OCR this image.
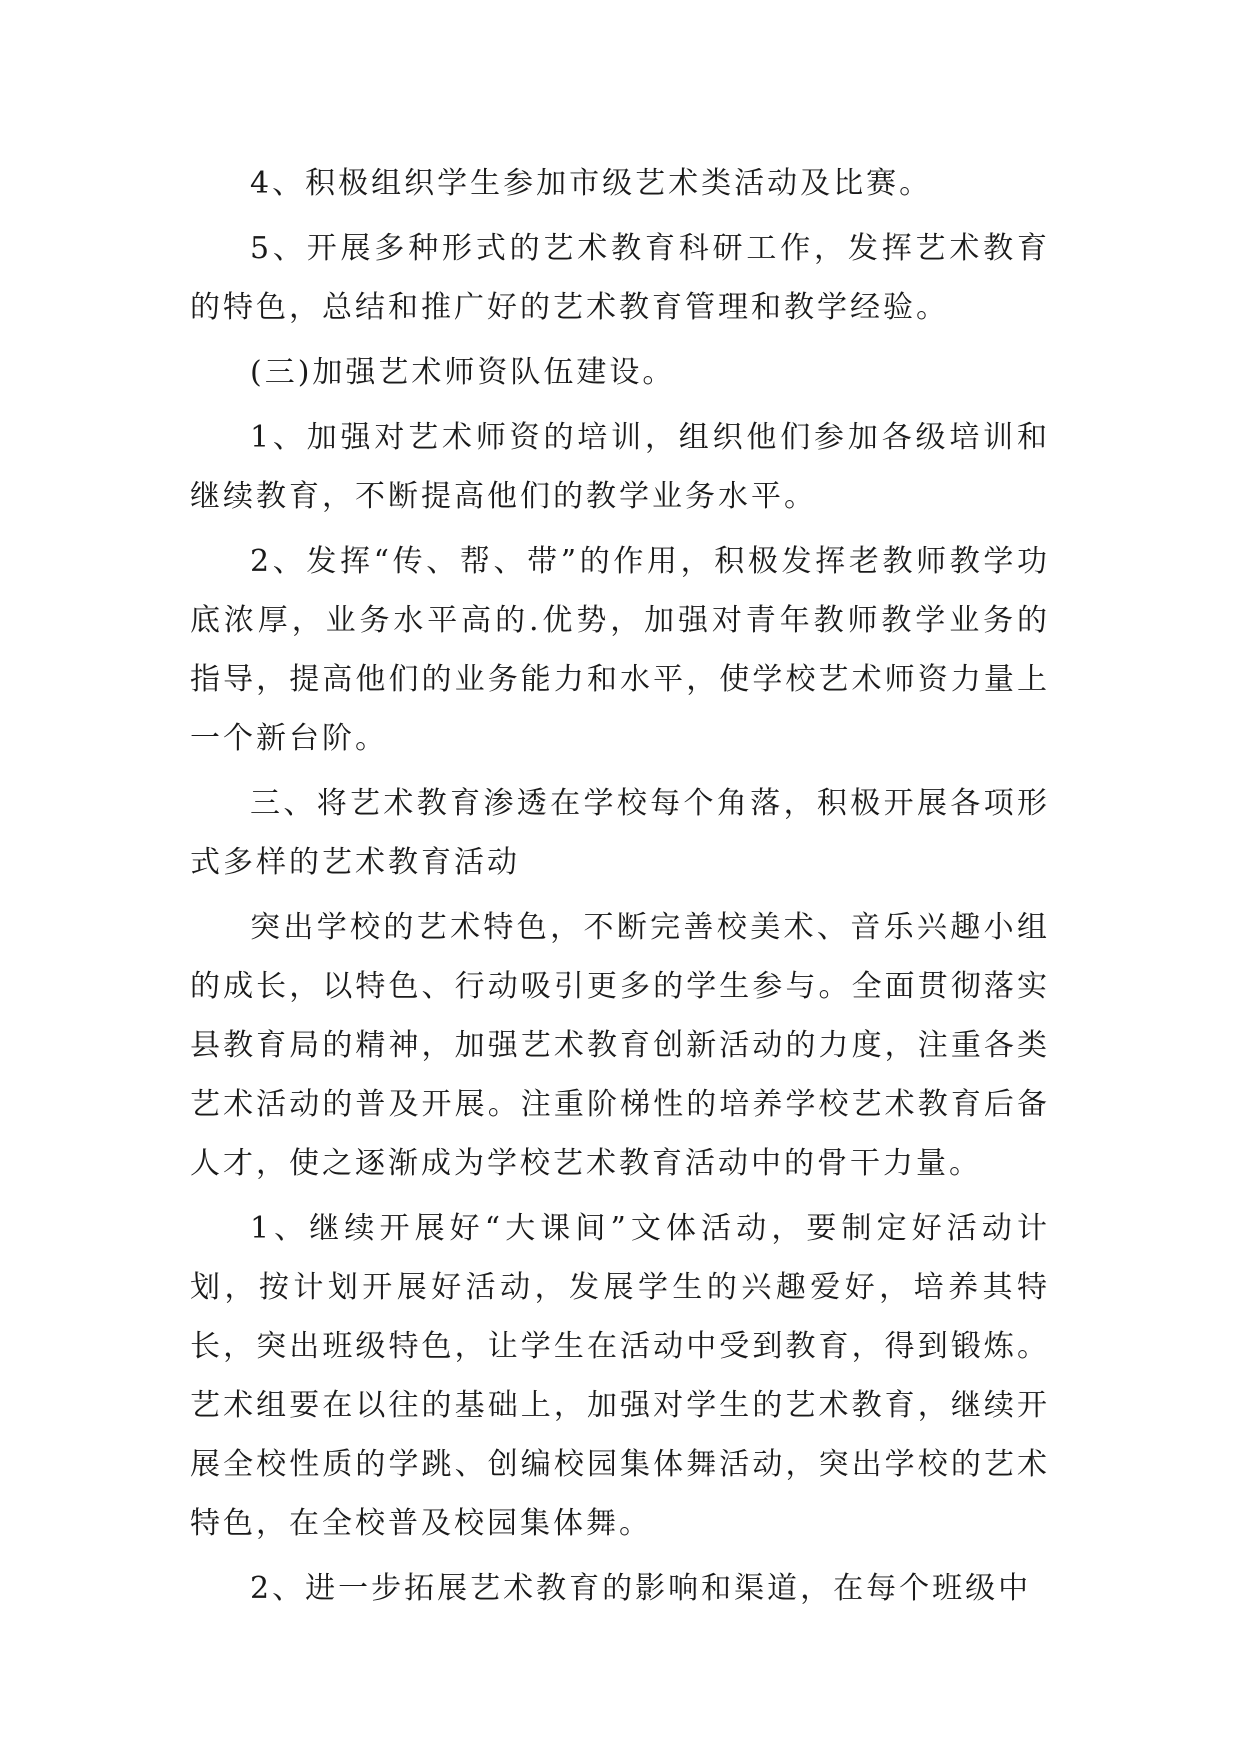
4、积极组织学生参加市级艺术类活动及比赛。

5、开展多种形式的艺术教育科研工作，发挥艺术教育的特色，总结和推广好的艺术教育管理和教学经验。

(三)加强艺术师资队伍建设。

1、加强对艺术师资的培训，组织他们参加各级培训和继续教育，不断提高他们的教学业务水平。

2、发挥“传、帮、带”的作用，积极发挥老教师教学功底浓厚，业务水平高的.优势，加强对青年教师教学业务的指导，提高他们的业务能力和水平，使学校艺术师资力量上一个新台阶。

三、将艺术教育渗透在学校每个角落，积极开展各项形式多样的艺术教育活动

突出学校的艺术特色，不断完善校美术、音乐兴趣小组的成长，以特色、行动吸引更多的学生参与。全面贯彻落实县教育局的精神，加强艺术教育创新活动的力度，注重各类艺术活动的普及开展。注重阶梯性的培养学校艺术教育后备人才，使之逐渐成为学校艺术教育活动中的骨干力量。

1、继续开展好“大课间”文体活动，要制定好活动计划，按计划开展好活动，发展学生的兴趣爱好，培养其特长，突出班级特色，让学生在活动中受到教育，得到锻炼。艺术组要在以往的基础上，加强对学生的艺术教育，继续开展全校性质的学跳、创编校园集体舞活动，突出学校的艺术特色，在全校普及校园集体舞。

2、进一步拓展艺术教育的影响和渠道，在每个班级中
